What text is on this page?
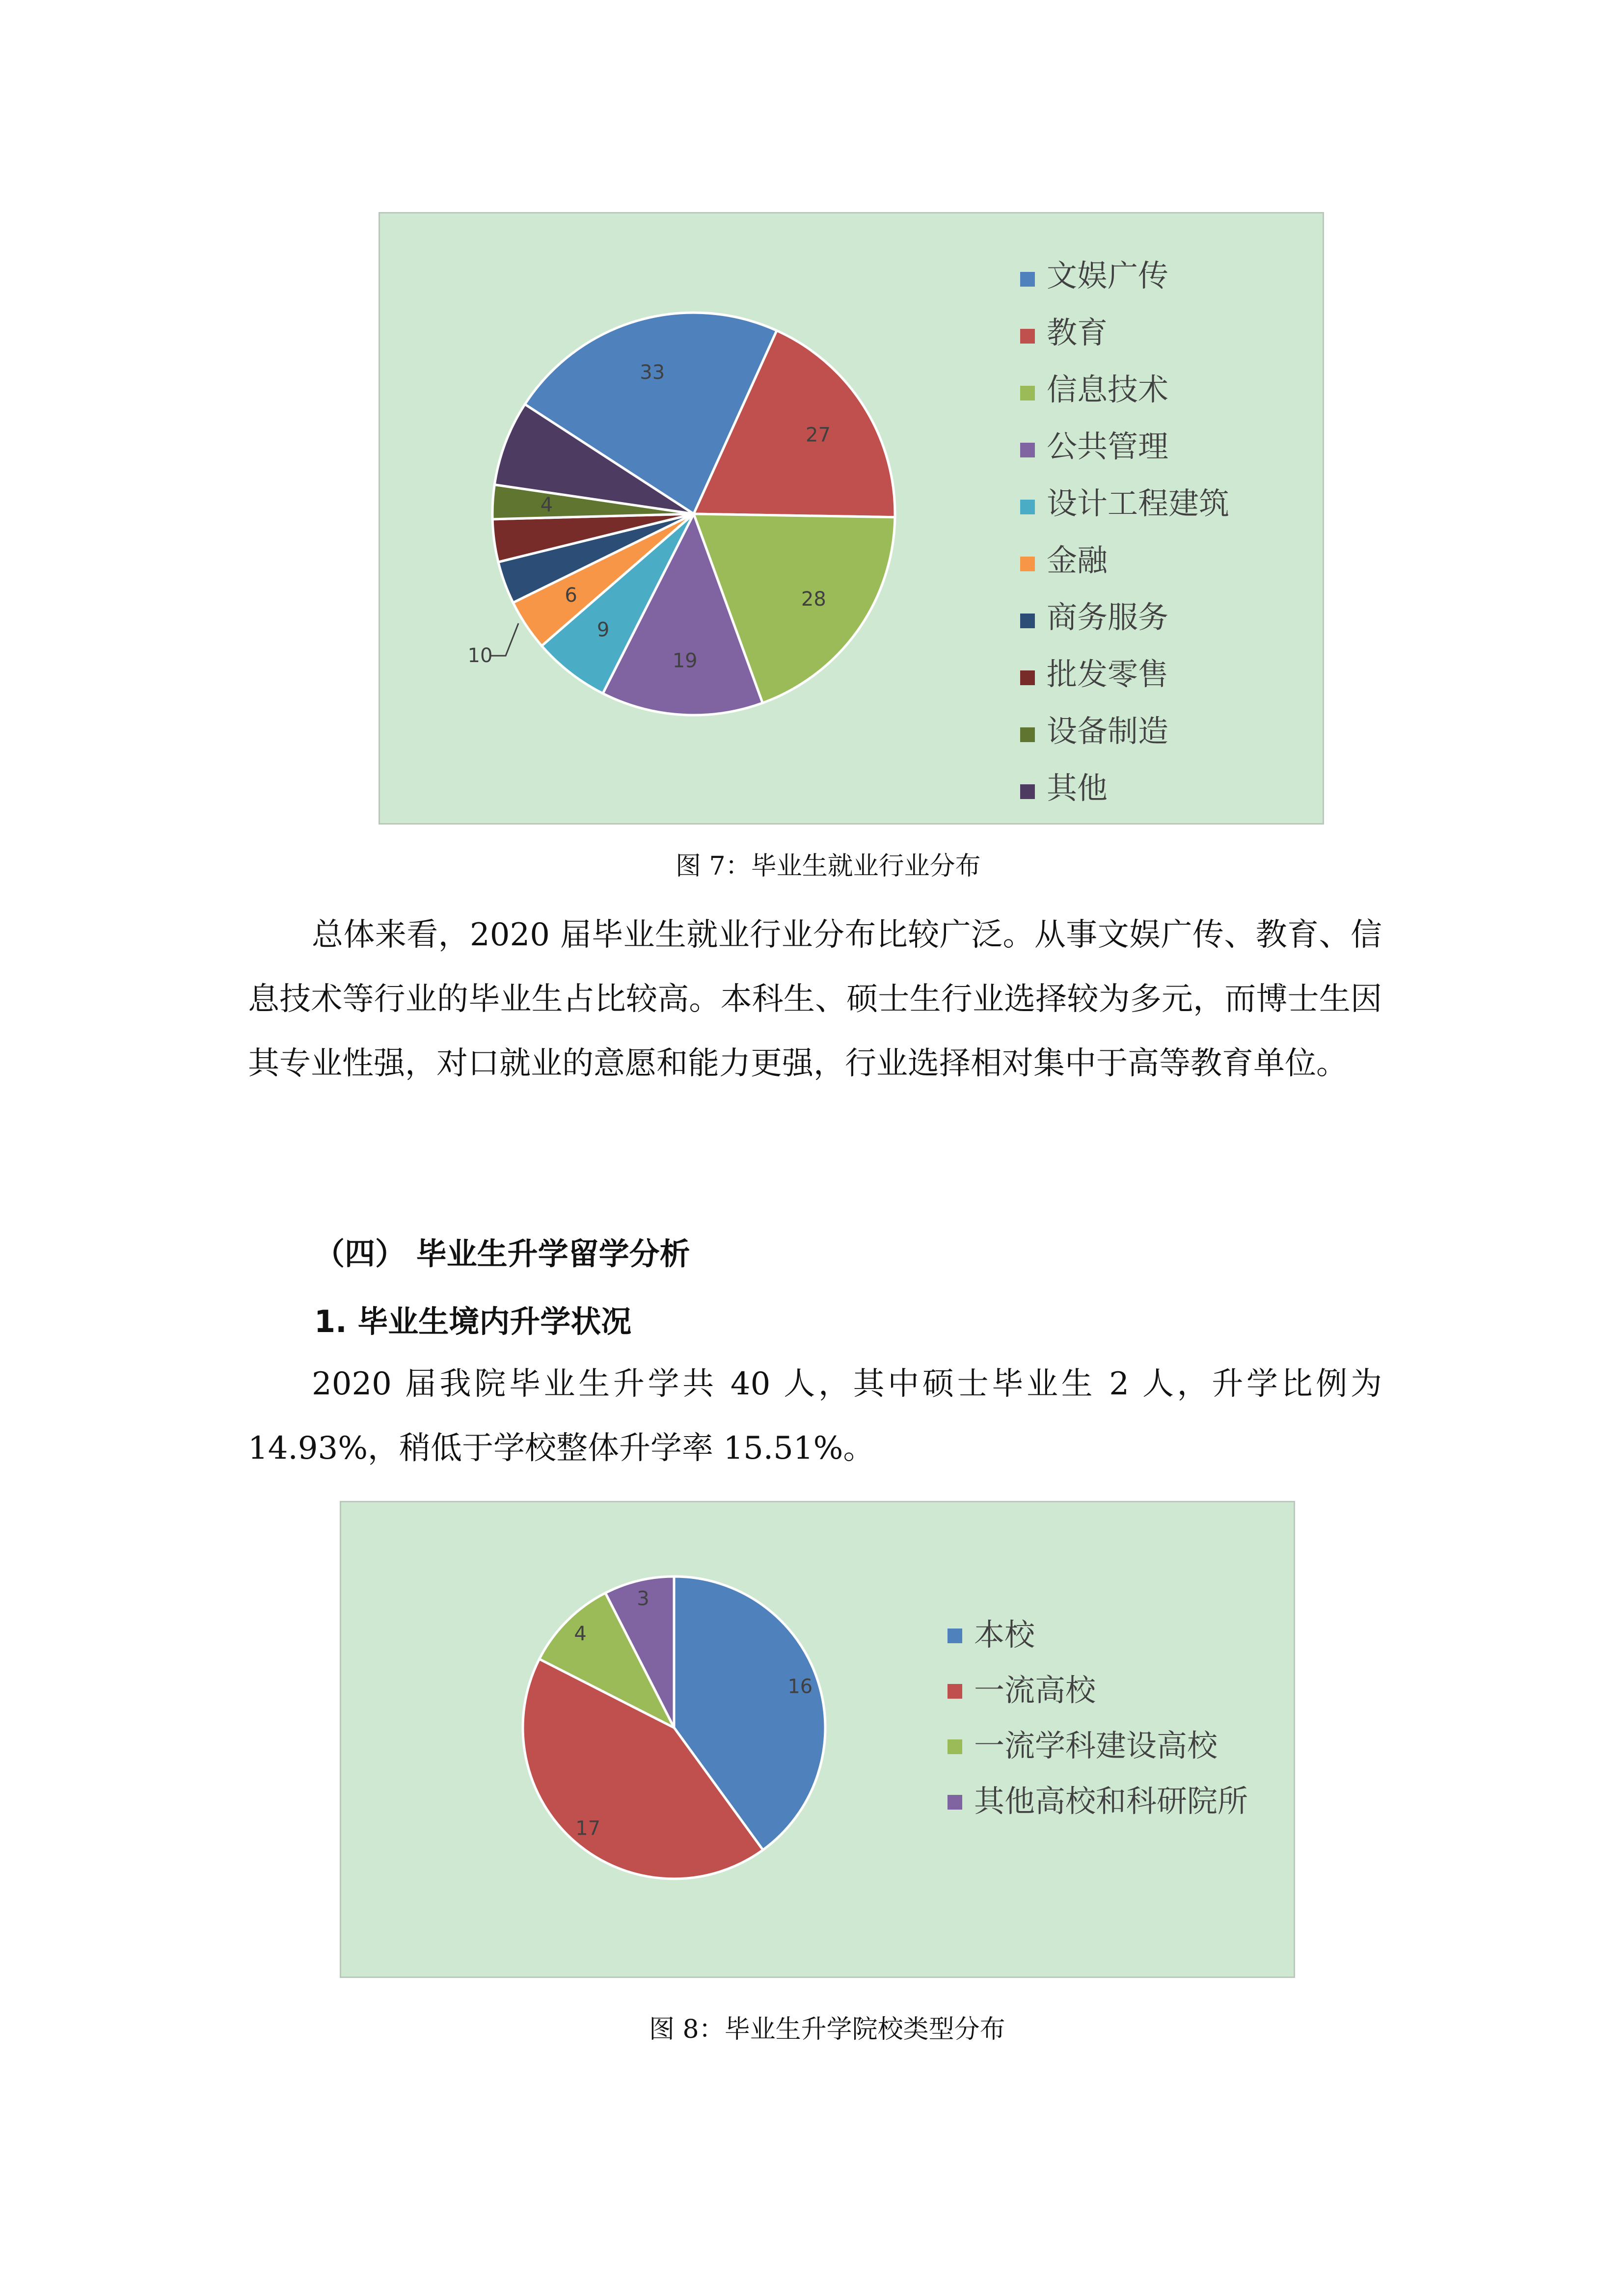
33
27
28
19
9
6
4
10
文娱广传
教育
信息技术
公共管理
设计工程建筑
金融
商务服务
批发零售
设备制造
其他
图 7：毕业生就业行业分布

总体来看，2020 届毕业生就业行业分布比较广泛。从事文娱广传、教育、信息技术等行业的毕业生占比较高。本科生、硕士生行业选择较为多元，而博士生因其专业性强，对口就业的意愿和能力更强，行业选择相对集中于高等教育单位。

（四） 毕业生升学留学分析
1. 毕业生境内升学状况

2020 届我院毕业生升学共 40 人，其中硕士毕业生 2 人，升学比例为 14.93%，稍低于学校整体升学率 15.51%。

16
17
4
3
本校
一流高校
一流学科建设高校
其他高校和科研院所
图 8：毕业生升学院校类型分布
